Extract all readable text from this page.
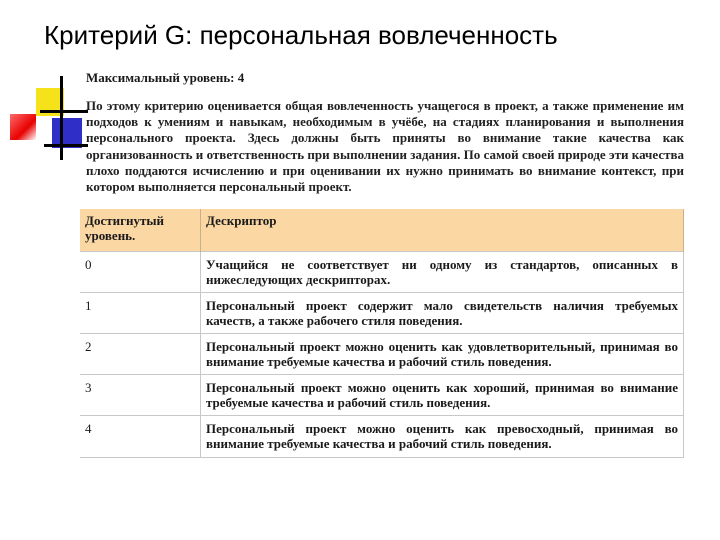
Критерий G: персональная вовлеченность
Максимальный уровень: 4
По этому критерию оценивается общая вовлеченность учащегося в проект, а также применение им подходов к умениям и навыкам, необходимым в учёбе, на стадиях планирования и выполнения персонального проекта. Здесь должны быть приняты во внимание такие качества как организованность и ответственность при выполнении задания. По самой своей природе эти качества плохо поддаются исчислению и при оценивании их нужно принимать во внимание контекст, при котором выполняется персональный проект.
Достигнутый уровень.	Дескриптор
0	Учащийся не соответствует ни одному из стандартов, описанных в нижеследующих дескрипторах.
1	Персональный проект содержит мало свидетельств наличия требуемых качеств, а также рабочего стиля поведения.
2	Персональный проект можно оценить как удовлетворительный, принимая во внимание требуемые качества и рабочий стиль поведения.
3	Персональный проект можно оценить как хороший, принимая во внимание требуемые качества и рабочий стиль поведения.
4	Персональный проект можно оценить как превосходный, принимая во внимание требуемые качества и рабочий стиль поведения.
